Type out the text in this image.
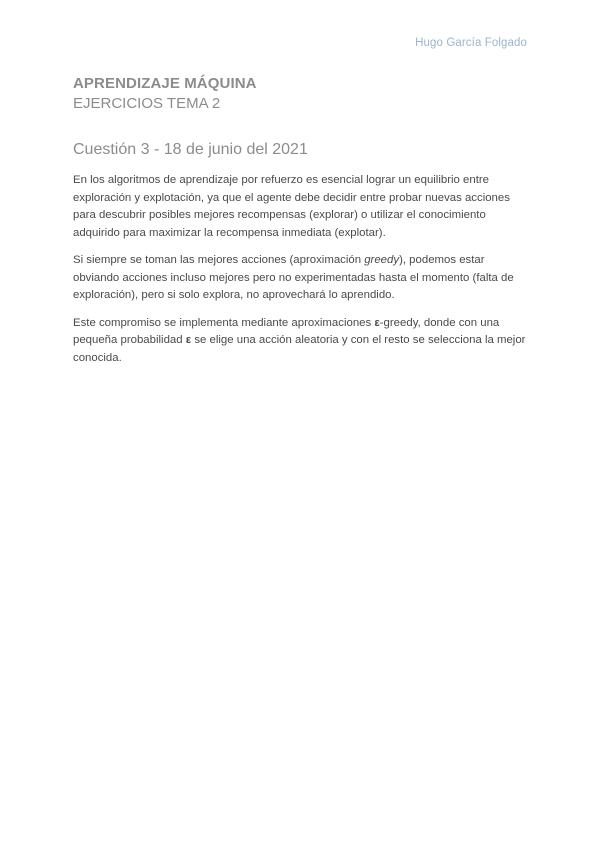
Hugo García Folgado
APRENDIZAJE MÁQUINA
EJERCICIOS TEMA 2
Cuestión 3 - 18 de junio del 2021

En los algoritmos de aprendizaje por refuerzo es esencial lograr un equilibrio entre exploración y explotación, ya que el agente debe decidir entre probar nuevas acciones para descubrir posibles mejores recompensas (explorar) o utilizar el conocimiento adquirido para maximizar la recompensa inmediata (explotar).

Si siempre se toman las mejores acciones (aproximación greedy), podemos estar obviando acciones incluso mejores pero no experimentadas hasta el momento (falta de exploración), pero si solo explora, no aprovechará lo aprendido.

Este compromiso se implementa mediante aproximaciones ε-greedy, donde con una pequeña probabilidad ε se elige una acción aleatoria y con el resto se selecciona la mejor conocida.
